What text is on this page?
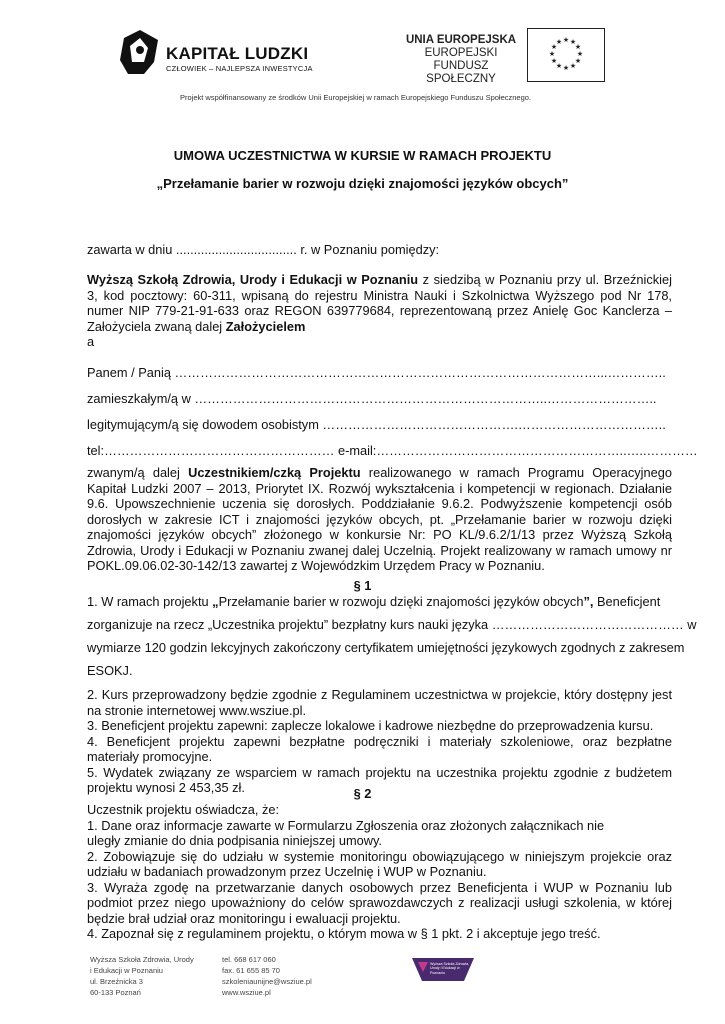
KAPITAŁ LUDZKI
CZŁOWIEK – NAJLEPSZA INWESTYCJA
UNIA EUROPEJSKA
EUROPEJSKI
FUNDUSZ SPOŁECZNY
★ ★
★
★
★
★
★
★
★
★
★
★
Projekt współfinansowany ze środków Unii Europejskiej w ramach Europejskiego Funduszu Społecznego.
UMOWA UCZESTNICTWA W KURSIE W RAMACH PROJEKTU
„Przełamanie barier w rozwoju dzięki znajomości języków obcych”
zawarta w dniu .................................. r. w Poznaniu pomiędzy:
Wyższą Szkołą Zdrowia, Urody i Edukacji w Poznaniu z siedzibą w Poznaniu przy ul. Brzeźnickiej 3, kod pocztowy: 60-311, wpisaną do rejestru Ministra Nauki i Szkolnictwa Wyższego pod Nr 178, numer NIP 779-21-91-633 oraz REGON 639779684, reprezentowaną przez Anielę Goc Kanclerza – Założyciela zwaną dalej Założycielem
a
Panem / Panią ………………………………………………………………………………………...…………..
zamieszkałym/ą w ………………………………………………………………………..……………………..
legitymującym/ą się dowodem osobistym ……………………………………….……………………………..
tel:……………………………………………… e-mail:…………………………………………………..…..…………
zwanym/ą dalej Uczestnikiem/czką Projektu realizowanego w ramach Programu Operacyjnego Kapitał Ludzki 2007 – 2013, Priorytet IX. Rozwój wykształcenia i kompetencji w regionach. Działanie 9.6. Upowszechnienie uczenia się dorosłych. Poddziałanie 9.6.2. Podwyższenie kompetencji osób dorosłych w zakresie ICT i znajomości języków obcych, pt. „Przełamanie barier w rozwoju dzięki znajomości języków obcych” złożonego w konkursie Nr: PO KL/9.6.2/1/13 przez Wyższą Szkołą Zdrowia, Urody i Edukacji w Poznaniu zwanej dalej Uczelnią. Projekt realizowany w ramach umowy nr POKL.09.06.02-30-142/13 zawartej z Wojewódzkim Urzędem Pracy w Poznaniu.
§ 1
1. W ramach projektu „Przełamanie barier w rozwoju dzięki znajomości języków obcych”, Beneficjent
zorganizuje na rzecz „Uczestnika projektu” bezpłatny kurs nauki języka ……………………………………… w
wymiarze 120 godzin lekcyjnych zakończony certyfikatem umiejętności językowych zgodnych z zakresem
ESOKJ.

2. Kurs przeprowadzony będzie zgodnie z Regulaminem uczestnictwa w projekcie, który dostępny jest na stronie internetowej www.wsziue.pl.

3. Beneficjent projektu zapewni: zaplecze lokalowe i kadrowe niezbędne do przeprowadzenia kursu.

4. Beneficjent projektu zapewni bezpłatne podręczniki i materiały szkoleniowe, oraz bezpłatne materiały promocyjne.

5. Wydatek związany ze wsparciem w ramach projektu na uczestnika projektu zgodnie z budżetem projektu wynosi 2 453,35 zł.	§ 2

Uczestnik projektu oświadcza, że:

1. Dane oraz informacje zawarte w Formularzu Zgłoszenia oraz złożonych załącznikach nie

uległy zmianie do dnia podpisania niniejszej umowy.

2. Zobowiązuje się do udziału w systemie monitoringu obowiązującego w niniejszym projekcie oraz udziału w badaniach prowadzonym przez Uczelnię i WUP w Poznaniu.

3. Wyraża zgodę na przetwarzanie danych osobowych przez Beneficjenta i WUP w Poznaniu lub podmiot przez niego upoważniony do celów sprawozdawczych z realizacji usługi szkolenia, w której będzie brał udział oraz monitoringu i ewaluacji projektu.

4. Zapoznał się z regulaminem projektu, o którym mowa w § 1 pkt. 2 i akceptuje jego treść.

Wyższa Szkoła Zdrowia, Urody
i Edukacji w Poznaniu
ul. Brzeźnicka 3
60-133 Poznań
tel. 668 617 060
fax. 61 655 85 70
szkoleniaunijne@wsziue.pl
www.wsziue.pl
Wyższa Szkoła Zdrowia, Urody i Edukacji w Poznaniu
